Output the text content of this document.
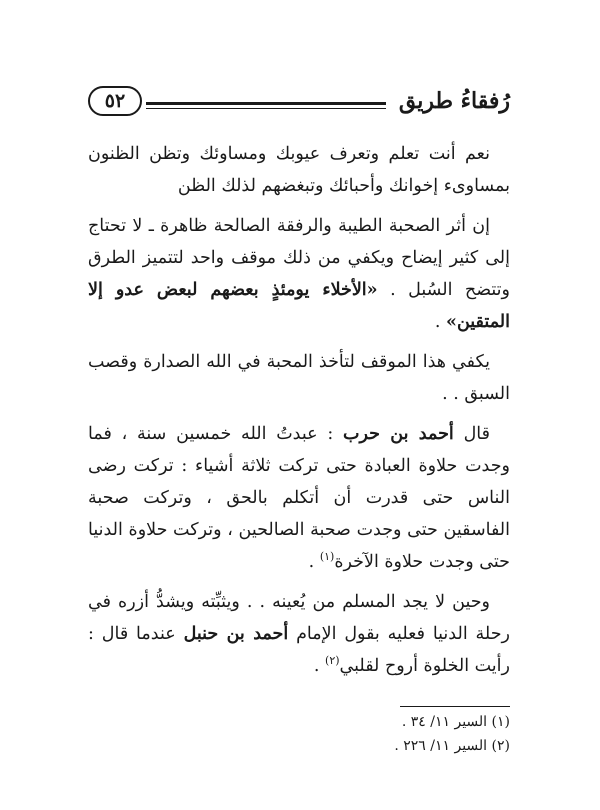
رُفقاءُ طريق
٥٢

نعم أنت تعلم وتعرف عيوبك ومساوئك وتظن الظنون بمساوىء إخوانك وأحبائك وتبغضهم لذلك الظن

إن أثر الصحبة الطيبة والرفقة الصالحة ظاهرة ـ لا تحتاج إلى كثير إيضاح ويكفي من ذلك موقف واحد لتتميز الطرق وتتضح السُبل . «الأخلاء يومئذٍ بعضهم لبعض عدو إلا المتقين» .

يكفي هذا الموقف لتأخذ المحبة في الله الصدارة وقصب السبق . .

قال أحمد بن حرب : عبدتُ الله خمسين سنة ، فما وجدت حلاوة العبادة حتى تركت ثلاثة أشياء : تركت رضى الناس حتى قدرت أن أتكلم بالحق ، وتركت صحبة الفاسقين حتى وجدت صحبة الصالحين ، وتركت حلاوة الدنيا حتى وجدت حلاوة الآخرة$^{(١)}$ .

وحين لا يجد المسلم من يُعينه . . ويثبِّته ويشدُّ أزره في رحلة الدنيا فعليه بقول الإمام أحمد بن حنبل عندما قال : رأيت الخلوة أروح لقلبي$^{(٢)}$ .

(١) السير ١١/ ٣٤ .
(٢) السير ١١/ ٢٢٦ .
